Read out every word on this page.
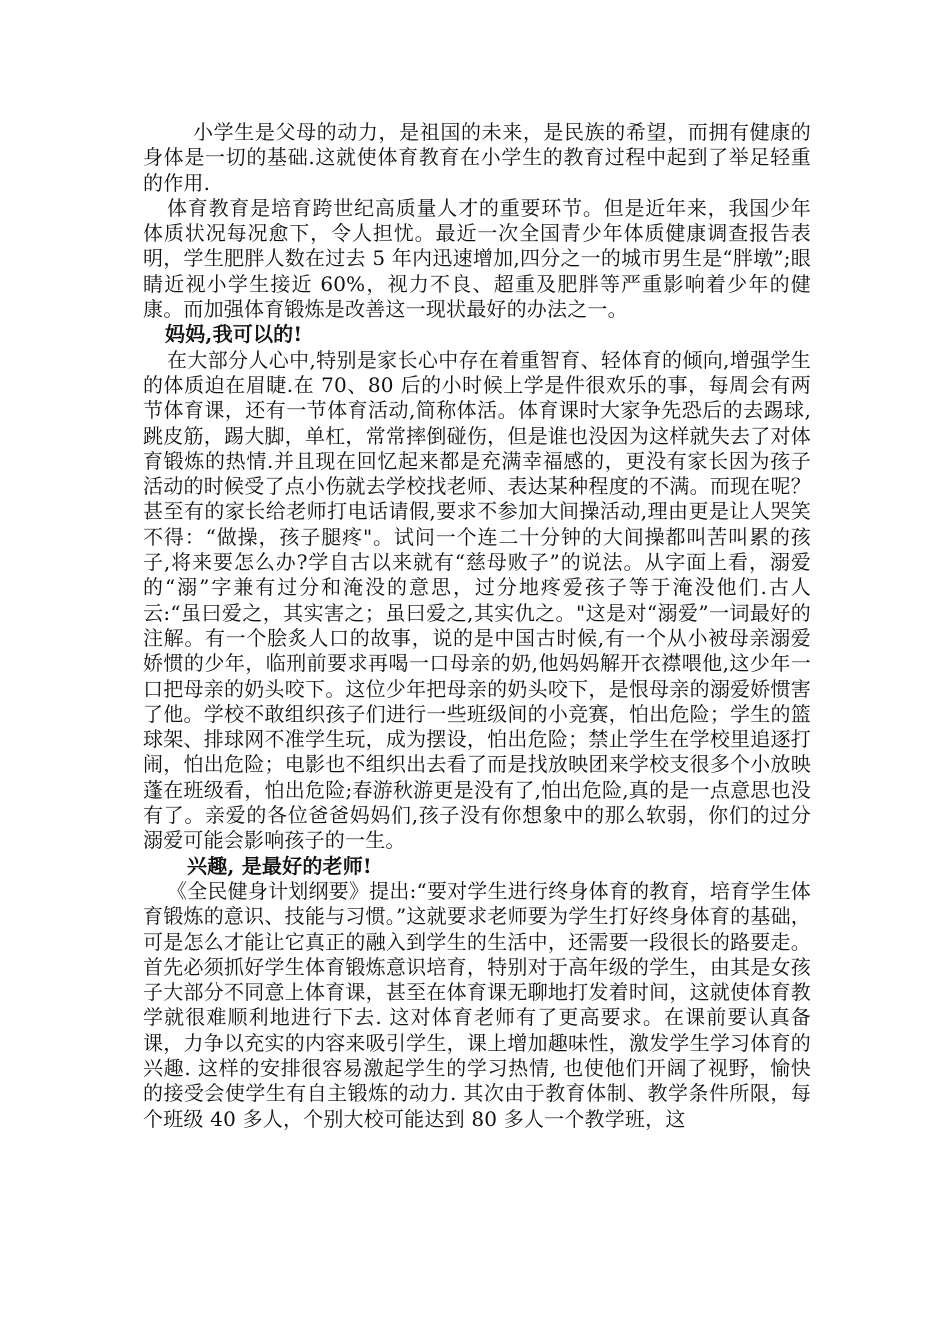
小学生是父母的动力，是祖国的未来，是民族的希望，而拥有健康的身体是一切的基础.这就使体育教育在小学生的教育过程中起到了举足轻重的作用.

体育教育是培育跨世纪高质量人才的重要环节。但是近年来，我国少年体质状况每况愈下，令人担忧。最近一次全国青少年体质健康调查报告表明，学生肥胖人数在过去 5 年内迅速增加,四分之一的城市男生是“胖墩”;眼睛近视小学生接近 60%，视力不良、超重及肥胖等严重影响着少年的健康。而加强体育锻炼是改善这一现状最好的办法之一。

妈妈,我可以的!

在大部分人心中,特别是家长心中存在着重智育、轻体育的倾向,增强学生的体质迫在眉睫.在 70、80 后的小时候上学是件很欢乐的事，每周会有两节体育课，还有一节体育活动,简称体活。体育课时大家争先恐后的去踢球,跳皮筋，踢大脚，单杠，常常摔倒碰伤，但是谁也没因为这样就失去了对体育锻炼的热情.并且现在回忆起来都是充满幸福感的，更没有家长因为孩子活动的时候受了点小伤就去学校找老师、表达某种程度的不满。而现在呢？甚至有的家长给老师打电话请假,要求不参加大间操活动,理由更是让人哭笑不得：“做操，孩子腿疼"。试问一个连二十分钟的大间操都叫苦叫累的孩子,将来要怎么办?学自古以来就有“慈母败子”的说法。从字面上看，溺爱的“溺”字兼有过分和淹没的意思，过分地疼爱孩子等于淹没他们.古人云:“虽曰爱之，其实害之；虽曰爱之,其实仇之。"这是对“溺爱”一词最好的注解。有一个脍炙人口的故事，说的是中国古时候,有一个从小被母亲溺爱娇惯的少年，临刑前要求再喝一口母亲的奶,他妈妈解开衣襟喂他,这少年一口把母亲的奶头咬下。这位少年把母亲的奶头咬下，是恨母亲的溺爱娇惯害了他。学校不敢组织孩子们进行一些班级间的小竞赛，怕出危险；学生的篮球架、排球网不准学生玩，成为摆设，怕出危险；禁止学生在学校里追逐打闹，怕出危险；电影也不组织出去看了而是找放映团来学校支很多个小放映蓬在班级看，怕出危险;春游秋游更是没有了,怕出危险,真的是一点意思也没有了。亲爱的各位爸爸妈妈们,孩子没有你想象中的那么软弱，你们的过分溺爱可能会影响孩子的一生。

兴趣, 是最好的老师!

《全民健身计划纲要》提出:“要对学生进行终身体育的教育，培育学生体育锻炼的意识、技能与习惯。”这就要求老师要为学生打好终身体育的基础，可是怎么才能让它真正的融入到学生的生活中，还需要一段很长的路要走。首先必须抓好学生体育锻炼意识培育，特别对于高年级的学生，由其是女孩子大部分不同意上体育课，甚至在体育课无聊地打发着时间，这就使体育教学就很难顺利地进行下去. 这对体育老师有了更高要求。在课前要认真备课，力争以充实的内容来吸引学生，课上增加趣味性，激发学生学习体育的兴趣. 这样的安排很容易激起学生的学习热情, 也使他们开阔了视野，愉快的接受会使学生有自主锻炼的动力. 其次由于教育体制、教学条件所限，每个班级 40 多人，个别大校可能达到 80 多人一个教学班，这
